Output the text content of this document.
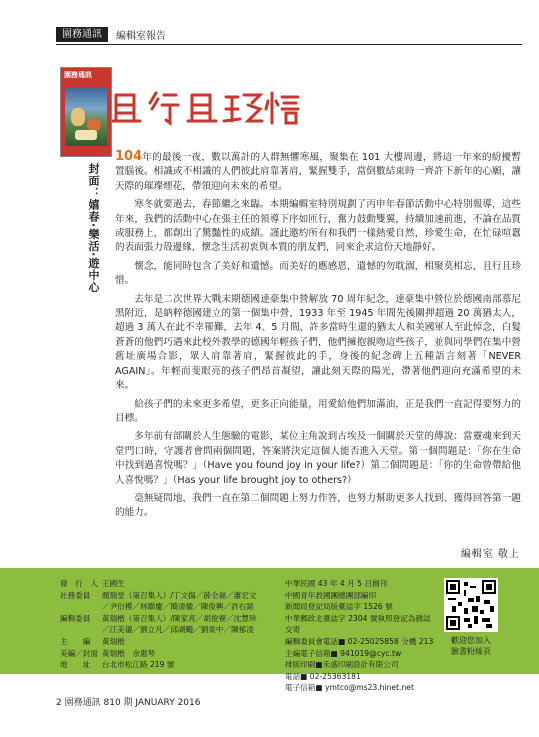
園務通訊	編輯室報告
園務通訊
封面：嬉春·樂活·遊中心

104年的最後一夜，數以萬計的人群無懼寒風，聚集在 101 大樓周邊，將這一年來的紛擾暫置腦後。相識或不相識的人們彼此肩靠著肩，緊握雙手，當倒數結束時一齊許下新年的心願，讓天際的璀璨煙花，帶領迎向未來的希望。

寒冬就要過去，春節繼之來臨。本期編輯室特別規劃了丙申年春節活動中心特別報導，這些年來，我們的活動中心在張主任的領導下序如匝行，奮力鼓動雙翼，持續加速前進，不論在品質或服務上，都創出了驚豔性的成績。謹此邀約所有和我們一樣熱愛自然，珍愛生命，在忙碌喧囂的表面張力殼邊緣，懷念生活初衷與本質的朋友們，同來企求這份天地靜好。

懷念，能同時包含了美好和遺憾。而美好的應感恩，遺憾的勿耽溺，相聚莫相忘，且行且珍惜。

去年是二次世界大戰末期德國達豪集中營解放 70 周年紀念，達豪集中營位於德國南部慕尼黑附近，是納粹德國建立的第一個集中營，1933 年至 1945 年間先後關押超過 20 萬猶太人，超過 3 萬人在此不幸罹難，去年 4、5 月間，許多當時生還的猶太人和美國軍人至此悼念，白髮蒼蒼的他們巧遇來此校外教學的德國年輕孩子們，他們擁抱親吻這些孩子，並與同學們在集中營舊址廣場合影，眾人肩靠著肩，緊握彼此的手，身後的紀念碑上五種語言刻著「NEVER AGAIN」。年輕而斐眼亮的孩子們昂首凝望，讓此刻天際的陽光，帶著他們迎向充滿希望的未來。

給孩子們的未來更多希望，更多正向能量，用愛給他們加滿油，正是我們一直記得要努力的目標。

多年前有部關於人生態驗的電影，某位主角說到古埃及一個關於天堂的傳說：當靈魂來到天堂門口時，守護者會問兩個問題，答案將決定這個人能否進入天堂。第一個問題是：「你在生命中找到過喜悅嗎？」（Have you found joy in your life?）第二個問題是：「你的生命曾帶給他人喜悅嗎？」（Has your life brought joy to others?）

毫無疑問地，我們一直在第二個問題上努力作答，也努力幫助更多人找到、獲得回答第一題的能力。

編輯室 敬上
發　行　人 王國生
社務委員	顏瑞堂（第召集人）/丁文揚／薛全福／蕭宏文
／尹衍模／林聯慶／簡清楹／陳俊興／許右銘
編輯委員	黃瑞楷（第召集人）/陳家亮／胡俊寮／沈慧珍
／江美儀／劉立凡／邱湖颺／劉東中／陳郁凌
主　　編	黃瑞楷
美編／封面 黃瑞楷　余惠琴
地　　址	台北市松江路 219 號
中華民國 43 年 4 月 5 日創刊
中國青年救國團總團部編印
新聞局登記局版臺誌字 1526 號
中華郵政北臺誌字 2304 號執照登記為雜誌交寄
編輯委員會電話■ 02-25025858 分機 213
主編電子信箱■ 941019@cyc.tw
排版印刷■禾盛印刷設計有限公司
電話■ 02-25363181
電子信箱■ ymtco@ms23.hinet.net
歡迎您加入
臉書粉絲頁
2 園務通訊 810 期 JANUARY 2016
